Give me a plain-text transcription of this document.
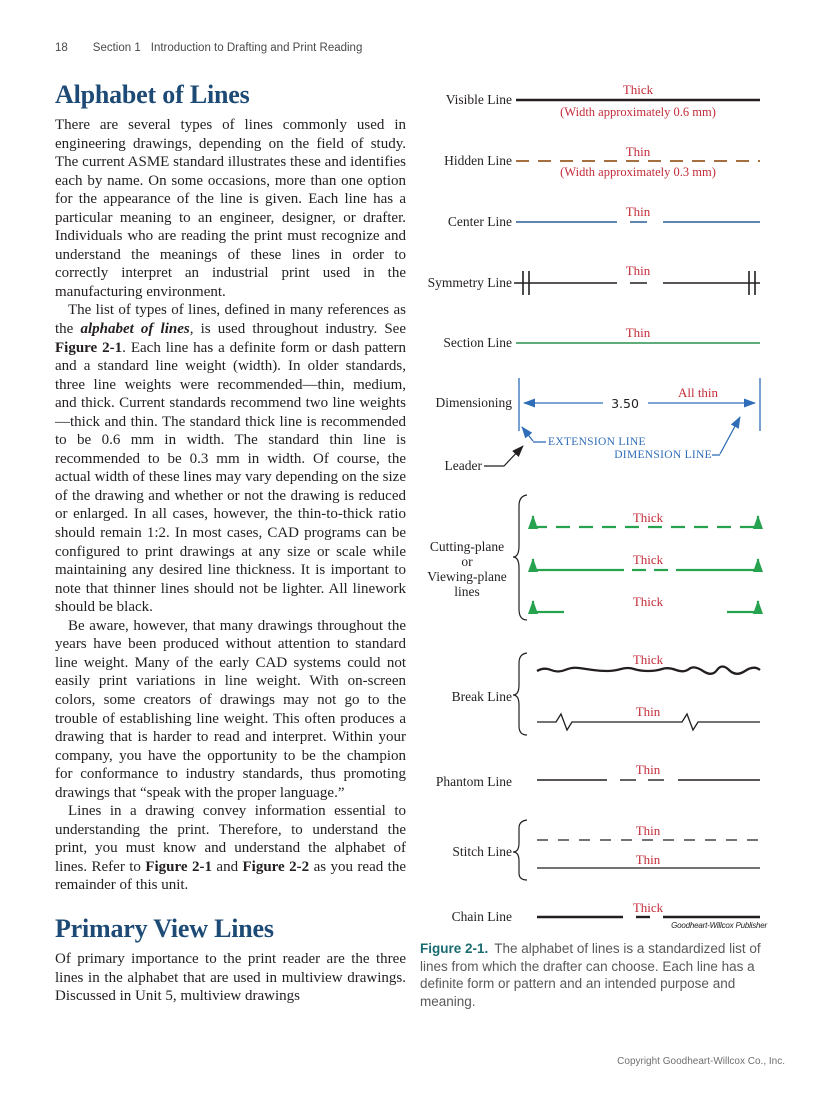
18 Section 1 Introduction to Drafting and Print Reading
Alphabet of Lines

There are several types of lines commonly used in engineering drawings, depending on the field of study. The current ASME standard illustrates these and identifies each by name. On some occasions, more than one option for the appearance of the line is given. Each line has a particular meaning to an engineer, designer, or drafter. Individuals who are reading the print must recognize and understand the meanings of these lines in order to correctly interpret an industrial print used in the manufacturing environment.

The list of types of lines, defined in many references as the alphabet of lines, is used throughout industry. See Figure 2-1. Each line has a definite form or dash pattern and a standard line weight (width). In older standards, three line weights were recommended—thin, medium, and thick. Current standards recommend two line weights—thick and thin. The standard thick line is recommended to be 0.6 mm in width. The standard thin line is recommended to be 0.3 mm in width. Of course, the actual width of these lines may vary depending on the size of the drawing and whether or not the drawing is reduced or enlarged. In all cases, however, the thin-to-thick ratio should remain 1:2. In most cases, CAD programs can be configured to print drawings at any size or scale while maintaining any desired line thickness. It is important to note that thinner lines should not be lighter. All linework should be black.

Be aware, however, that many drawings throughout the years have been produced without attention to standard line weight. Many of the early CAD systems could not easily print variations in line weight. With on-screen colors, some creators of drawings may not go to the trouble of establishing line weight. This often produces a drawing that is harder to read and interpret. Within your company, you have the opportunity to be the champion for conformance to industry standards, thus promoting drawings that “speak with the proper language.”

Lines in a drawing convey information essential to understanding the print. Therefore, to understand the print, you must know and understand the alphabet of lines. Refer to Figure 2-1 and Figure 2-2 as you read the remainder of this unit.

Primary View Lines

Of primary importance to the print reader are the three lines in the alphabet that are used in multiview drawings. Discussed in Unit 5, multiview drawings

Visible Line
Hidden Line
Center Line
Symmetry Line
Section Line
Dimensioning
Leader
Cutting-plane
or
Viewing-plane
lines
Break Line
Phantom Line
Stitch Line
Chain Line
Thick
(Width approximately 0.6 mm)
Thin
(Width approximately 0.3 mm)
Thin
Thin
Thin
All thin
Thick
Thick
Thick
Thick
Thin
Thin
Thin
Thin
Thick
EXTENSION LINE
DIMENSION LINE
3.50
Goodheart-Willcox Publisher
Figure 2-1. The alphabet of lines is a standardized list of lines from which the drafter can choose. Each line has a definite form or pattern and an intended purpose and meaning.
Copyright Goodheart-Willcox Co., Inc.
